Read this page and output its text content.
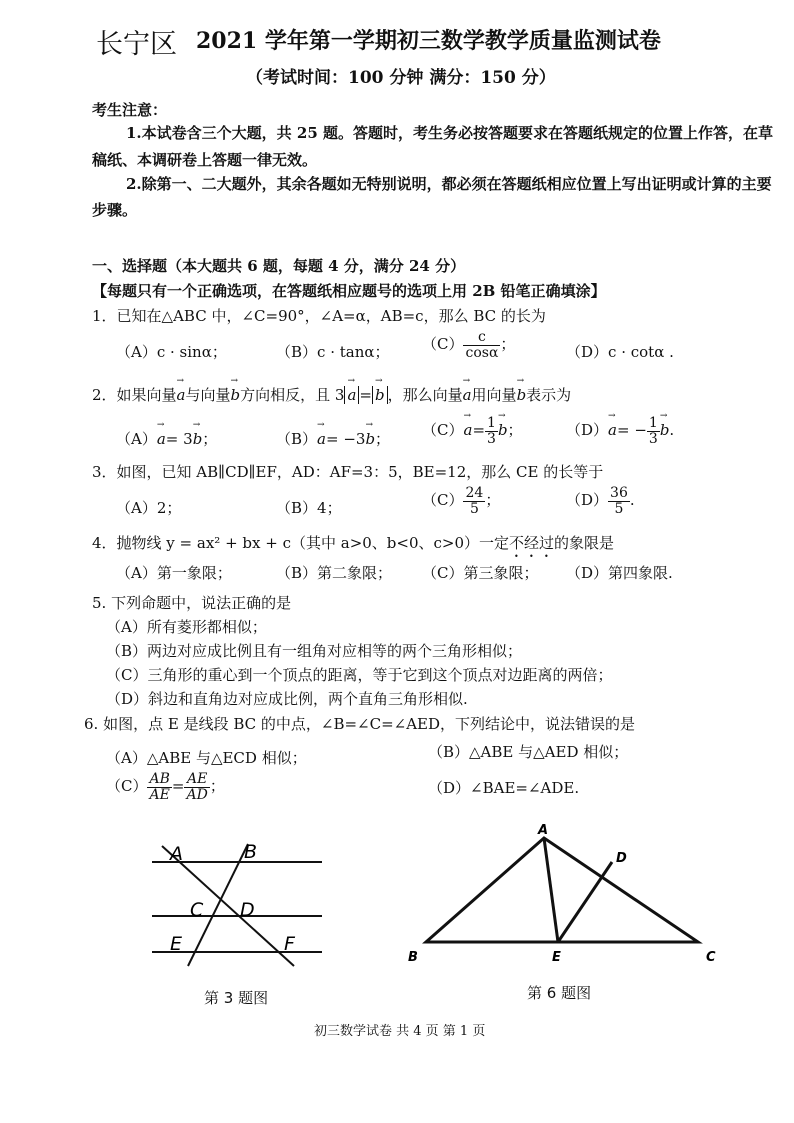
长宁区 2021 学年第一学期初三数学教学质量监测试卷
（考试时间：100 分钟 满分：150 分）
考生注意：
1.本试卷含三个大题，共 25 题。答题时，考生务必按答题要求在答题纸规定的位置上作答，在草
稿纸、本调研卷上答题一律无效。
2.除第一、二大题外，其余各题如无特别说明，都必须在答题纸相应位置上写出证明或计算的主要
步骤。
一、选择题（本大题共 6 题，每题 4 分，满分 24 分）
【每题只有一个正确选项，在答题纸相应题号的选项上用 2B 铅笔正确填涂】
1．已知在△ABC 中，∠C=90°，∠A=α，AB=c，那么 BC 的长为
（A）c · sinα；	（B）c · tanα； $(C) \frac{c}{\cos\alpha}$ ；	（D）c · cotα .
2．如果向量→ a与向量→ b方向相反，且 3→ a =→ b ，那么向量→ a用向量→ b表示为
（A）→ a= 3→ b；	（B）→ a= −3→ b； $(C)\to a= \frac{1}{3}$
→ b；	$(D)\to a= - \frac{1}{3}$
→ b.
3．如图，已知 AB∥CD∥EF，AD：AF=3：5，BE=12，那么 CE 的长等于
（A）2；	（B）4；	$(C) \frac{24}{5}$ ；	$(D) \frac{36}{5}$ .
4．抛物线 y = ax² + bx + c（其中 a>0、b<0、c>0）一定不经过的象限是
（A）第一象限；	（B）第二象限； （C）第三象限； （D）第四象限.
5. 下列命题中，说法正确的是
（A）所有菱形都相似；
（B）两边对应成比例且有一组角对应相等的两个三角形相似；
（C）三角形的重心到一个顶点的距离，等于它到这个顶点对边距离的两倍；
（D）斜边和直角边对应成比例，两个直角三角形相似.
6. 如图，点 E 是线段 BC 的中点，∠B=∠C=∠AED，下列结论中，说法错误的是
（A）△ABE 与△ECD 相似；	（B）△ABE 与△AED 相似；
$(C) \frac{AB}{AE} = \frac{AE}{AD}$ ；	（D）∠BAE=∠ADE.
A	B
C D
E	F
第 3 题图
A
D
B	E	C
第 6 题图
初三数学试卷 共 4 页 第 1 页
